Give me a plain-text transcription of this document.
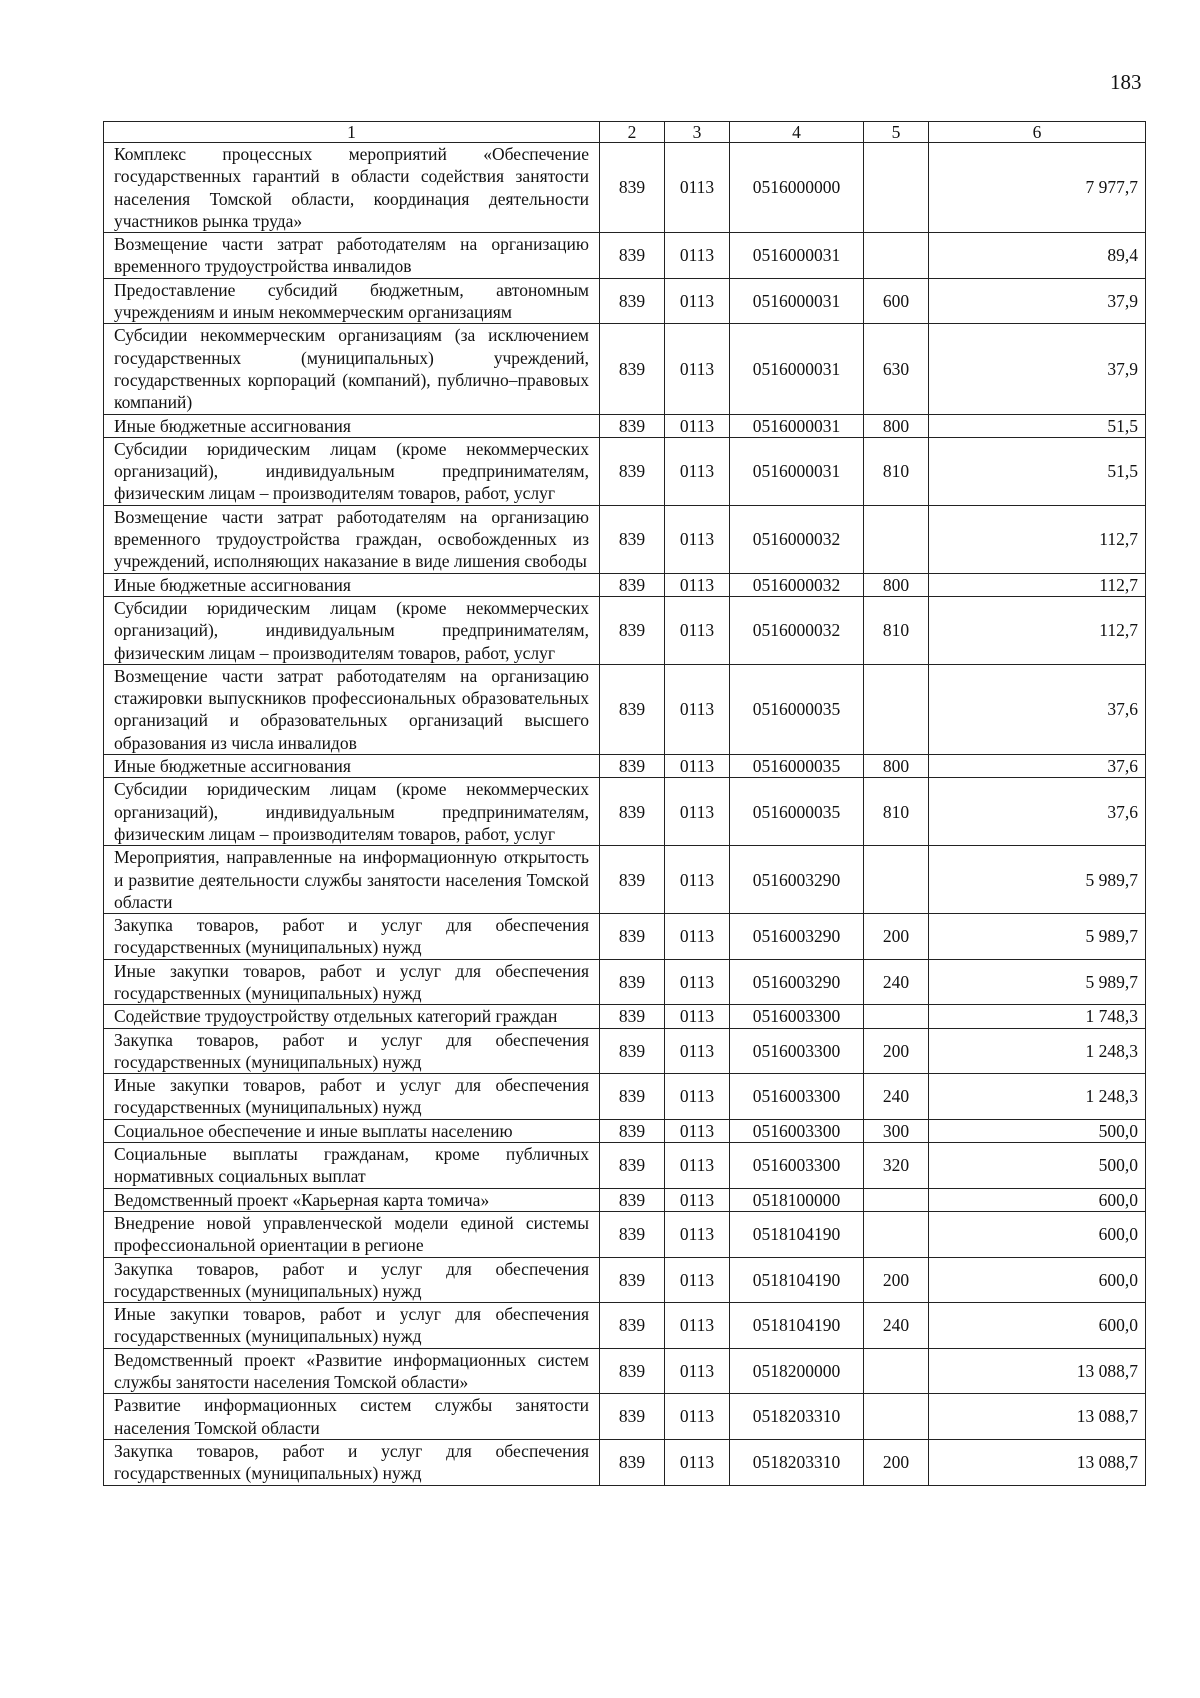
183
1	2	3	4	5	6
Комплекс процессных мероприятий «Обеспечение государственных гарантий в области содействия занятости населения Томской области, координация деятельности участников рынка труда»	839	0113	0516000000		7 977,7
Возмещение части затрат работодателям на организацию временного трудоустройства инвалидов	839	0113	0516000031		89,4
Предоставление субсидий бюджетным, автономным учреждениям и иным некоммерческим организациям	839	0113	0516000031	600	37,9
Субсидии некоммерческим организациям (за исключением государственных (муниципальных) учреждений, государственных корпораций (компаний), публично–правовых компаний)	839	0113	0516000031	630	37,9
Иные бюджетные ассигнования	839	0113	0516000031	800	51,5
Субсидии юридическим лицам (кроме некоммерческих организаций), индивидуальным предпринимателям, физическим лицам – производителям товаров, работ, услуг	839	0113	0516000031	810	51,5
Возмещение части затрат работодателям на организацию временного трудоустройства граждан, освобожденных из учреждений, исполняющих наказание в виде лишения свободы	839	0113	0516000032		112,7
Иные бюджетные ассигнования	839	0113	0516000032	800	112,7
Субсидии юридическим лицам (кроме некоммерческих организаций), индивидуальным предпринимателям, физическим лицам – производителям товаров, работ, услуг	839	0113	0516000032	810	112,7
Возмещение части затрат работодателям на организацию стажировки выпускников профессиональных образовательных организаций и образовательных организаций высшего образования из числа инвалидов	839	0113	0516000035		37,6
Иные бюджетные ассигнования	839	0113	0516000035	800	37,6
Субсидии юридическим лицам (кроме некоммерческих организаций), индивидуальным предпринимателям, физическим лицам – производителям товаров, работ, услуг	839	0113	0516000035	810	37,6
Мероприятия, направленные на информационную открытость и развитие деятельности службы занятости населения Томской области	839	0113	0516003290		5 989,7
Закупка товаров, работ и услуг для обеспечения государственных (муниципальных) нужд	839	0113	0516003290	200	5 989,7
Иные закупки товаров, работ и услуг для обеспечения государственных (муниципальных) нужд	839	0113	0516003290	240	5 989,7
Содействие трудоустройству отдельных категорий граждан	839	0113	0516003300		1 748,3
Закупка товаров, работ и услуг для обеспечения государственных (муниципальных) нужд	839	0113	0516003300	200	1 248,3
Иные закупки товаров, работ и услуг для обеспечения государственных (муниципальных) нужд	839	0113	0516003300	240	1 248,3
Социальное обеспечение и иные выплаты населению	839	0113	0516003300	300	500,0
Социальные выплаты гражданам, кроме публичных нормативных социальных выплат	839	0113	0516003300	320	500,0
Ведомственный проект «Карьерная карта томича»	839	0113	0518100000		600,0
Внедрение новой управленческой модели единой системы профессиональной ориентации в регионе	839	0113	0518104190		600,0
Закупка товаров, работ и услуг для обеспечения государственных (муниципальных) нужд	839	0113	0518104190	200	600,0
Иные закупки товаров, работ и услуг для обеспечения государственных (муниципальных) нужд	839	0113	0518104190	240	600,0
Ведомственный проект «Развитие информационных систем службы занятости населения Томской области»	839	0113	0518200000		13 088,7
Развитие информационных систем службы занятости населения Томской области	839	0113	0518203310		13 088,7
Закупка товаров, работ и услуг для обеспечения государственных (муниципальных) нужд	839	0113	0518203310	200	13 088,7
